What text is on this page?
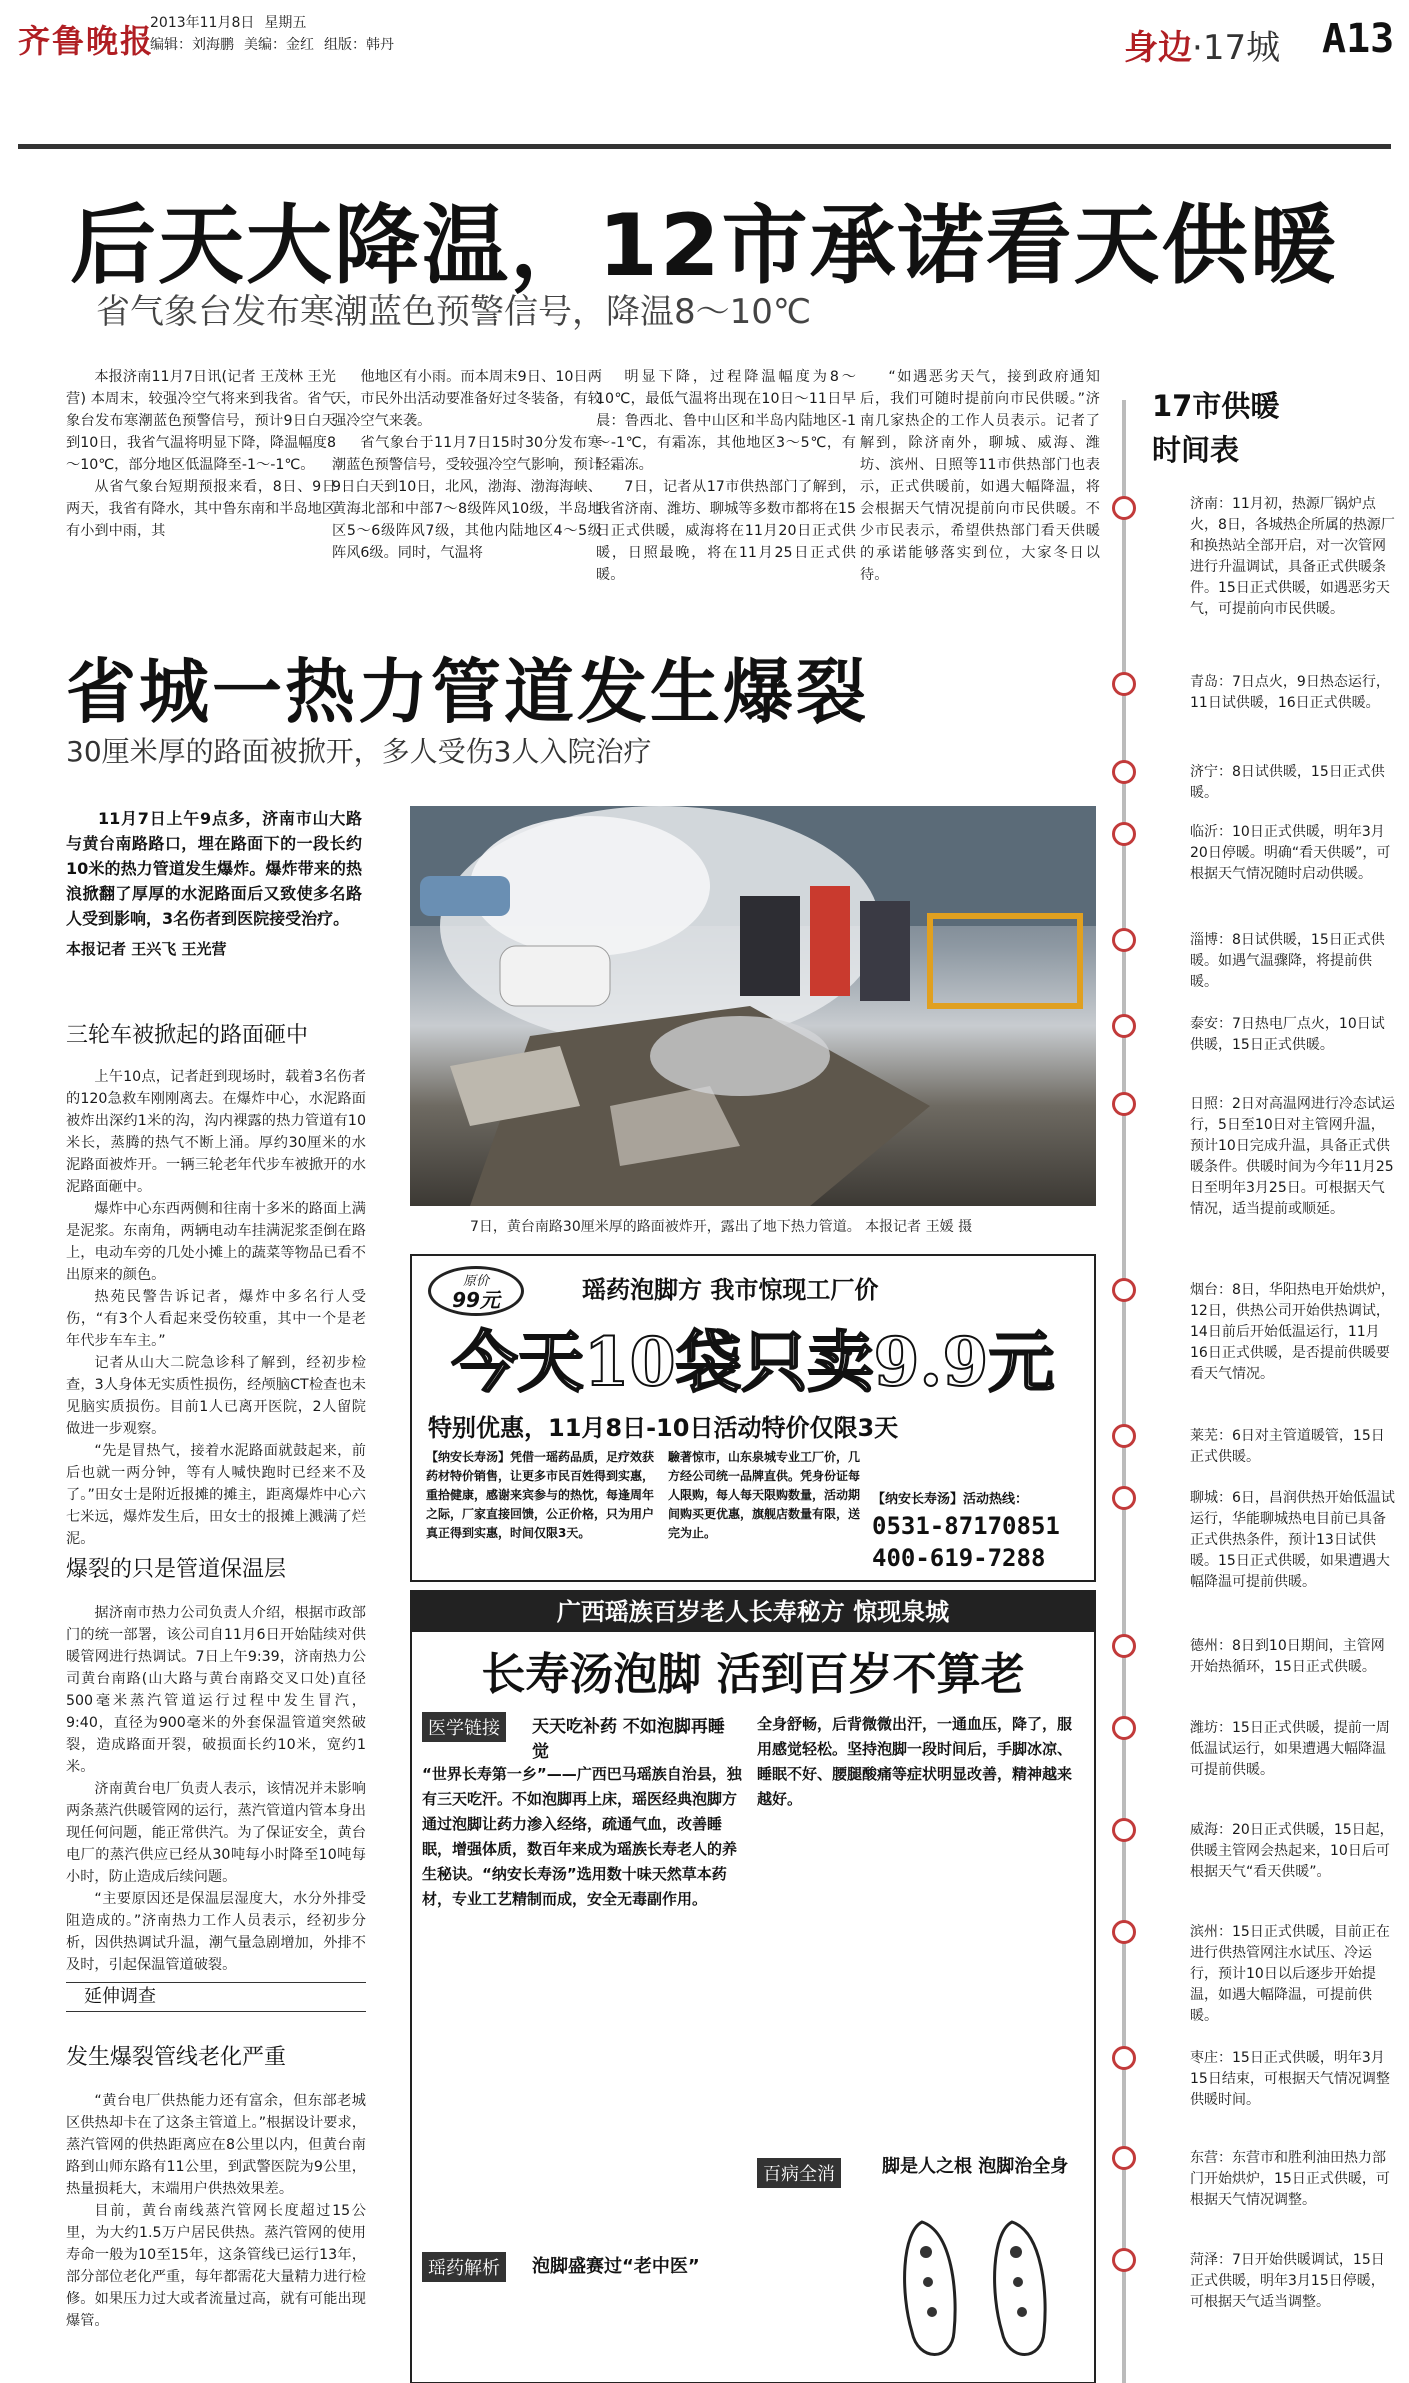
齐鲁晚报
2013年11月8日 星期五
编辑：刘海鹏 美编：金红 组版：韩丹	身边·17城 A13
后天大降温，12市承诺看天供暖
省气象台发布寒潮蓝色预警信号，降温8～10℃

本报济南11月7日讯(记者 王茂林 王光营) 本周末，较强冷空气将来到我省。省气象台发布寒潮蓝色预警信号，预计9日白天到10日，我省气温将明显下降，降温幅度8～10℃，部分地区低温降至-1～-1℃。

从省气象台短期预报来看，8日、9日两天，我省有降水，其中鲁东南和半岛地区有小到中雨，其

他地区有小雨。而本周末9日、10日两天，市民外出活动要准备好过冬装备，有较强冷空气来袭。

省气象台于11月7日15时30分发布寒潮蓝色预警信号，受较强冷空气影响，预计9日白天到10日，北风，渤海、渤海海峡、黄海北部和中部7～8级阵风10级，半岛地区5～6级阵风7级，其他内陆地区4～5级阵风6级。同时，气温将

明显下降，过程降温幅度为8～10℃，最低气温将出现在10日～11日早晨：鲁西北、鲁中山区和半岛内陆地区-1～-1℃，有霜冻，其他地区3～5℃，有轻霜冻。

7日，记者从17市供热部门了解到，我省济南、潍坊、聊城等多数市都将在15日正式供暖，威海将在11月20日正式供暖，日照最晚，将在11月25日正式供暖。

“如遇恶劣天气，接到政府通知后，我们可随时提前向市民供暖。”济南几家热企的工作人员表示。记者了解到，除济南外，聊城、威海、潍坊、滨州、日照等11市供热部门也表示，正式供暖前，如遇大幅降温，将会根据天气情况提前向市民供暖。不少市民表示，希望供热部门看天供暖的承诺能够落实到位，大家冬日以待。

省城一热力管道发生爆裂
30厘米厚的路面被掀开，多人受伤3人入院治疗

11月7日上午9点多，济南市山大路与黄台南路路口，埋在路面下的一段长约10米的热力管道发生爆炸。爆炸带来的热浪掀翻了厚厚的水泥路面后又致使多名路人受到影响，3名伤者到医院接受治疗。

本报记者 王兴飞 王光营
三轮车被掀起的路面砸中

上午10点，记者赶到现场时，载着3名伤者的120急救车刚刚离去。在爆炸中心，水泥路面被炸出深约1米的沟，沟内裸露的热力管道有10米长，蒸腾的热气不断上涌。厚约30厘米的水泥路面被炸开。一辆三轮老年代步车被掀开的水泥路面砸中。

爆炸中心东西两侧和往南十多米的路面上满是泥浆。东南角，两辆电动车挂满泥浆歪倒在路上，电动车旁的几处小摊上的蔬菜等物品已看不出原来的颜色。

热苑民警告诉记者，爆炸中多名行人受伤，“有3个人看起来受伤较重，其中一个是老年代步车车主。”

记者从山大二院急诊科了解到，经初步检查，3人身体无实质性损伤，经颅脑CT检查也未见脑实质损伤。目前1人已离开医院，2人留院做进一步观察。

“先是冒热气，接着水泥路面就鼓起来，前后也就一两分钟，等有人喊快跑时已经来不及了。”田女士是附近报摊的摊主，距离爆炸中心六七米远，爆炸发生后，田女士的报摊上溅满了烂泥。

爆裂的只是管道保温层

据济南市热力公司负责人介绍，根据市政部门的统一部署，该公司自11月6日开始陆续对供暖管网进行热调试。7日上午9:39，济南热力公司黄台南路(山大路与黄台南路交叉口处)直径500毫米蒸汽管道运行过程中发生冒汽，9:40，直径为900毫米的外套保温管道突然破裂，造成路面开裂，破损面长约10米，宽约1米。

济南黄台电厂负责人表示，该情况并未影响两条蒸汽供暖管网的运行，蒸汽管道内管本身出现任何问题，能正常供汽。为了保证安全，黄台电厂的蒸汽供应已经从30吨每小时降至10吨每小时，防止造成后续问题。

“主要原因还是保温层湿度大，水分外排受阻造成的。”济南热力工作人员表示，经初步分析，因供热调试升温，潮气量急剧增加，外排不及时，引起保温管道破裂。

延伸调查
发生爆裂管线老化严重

“黄台电厂供热能力还有富余，但东部老城区供热却卡在了这条主管道上。”根据设计要求，蒸汽管网的供热距离应在8公里以内，但黄台南路到山师东路有11公里，到武警医院为9公里，热量损耗大，末端用户供热效果差。

目前，黄台南线蒸汽管网长度超过15公里，为大约1.5万户居民供热。蒸汽管网的使用寿命一般为10至15年，这条管线已运行13年，部分部位老化严重，每年都需花大量精力进行检修。如果压力过大或者流量过高，就有可能出现爆管。

7日，黄台南路30厘米厚的路面被炸开，露出了地下热力管道。 本报记者 王媛 摄
原价
99元	瑶药泡脚方 我市惊现工厂价
今天10袋只卖9.9元
特别优惠，11月8日-10日活动特价仅限3天
【纳安长寿汤】凭借一瑶药品质，足疗效获药材特价销售，让更多市民百姓得到实惠，重拾健康，感谢来宾参与的热忱，每逢周年之际，厂家直接回馈，公正价格，只为用户真正得到实惠，时间仅限3天。
驗著惊市，山东泉城专业工厂价，几方经公司统一品牌直供。凭身份证每人限购，每人每天限购数量，活动期间购买更优惠，旗舰店数量有限，送完为止。
【纳安长寿汤】活动热线：
0531-87170851
400-619-7288
广西瑶族百岁老人长寿秘方 惊现泉城
长寿汤泡脚 活到百岁不算老
医学链接	天天吃补药 不如泡脚再睡觉
“世界长寿第一乡”——广西巴马瑶族自治县，独有三天吃汗。不如泡脚再上床，瑶医经典泡脚方通过泡脚让药力渗入经络，疏通气血，改善睡眠，增强体质，数百年来成为瑶族长寿老人的养生秘诀。“纳安长寿汤”选用数十味天然草本药材，专业工艺精制而成，安全无毒副作用。
瑶药解析	泡脚盛赛过“老中医”
全身舒畅，后背微微出汗，一通血压，降了，服用感觉轻松。坚持泡脚一段时间后，手脚冰凉、睡眠不好、腰腿酸痛等症状明显改善，精神越来越好。
百病全消	脚是人之根 泡脚治全身
17市供暖
时间表
济南：11月初，热源厂锅炉点火，8日，各城热企所属的热源厂和换热站全部开启，对一次管网进行升温调试，具备正式供暖条件。15日正式供暖，如遇恶劣天气，可提前向市民供暖。
青岛：7日点火，9日热态运行，11日试供暖，16日正式供暖。
济宁：8日试供暖，15日正式供暖。
临沂：10日正式供暖，明年3月20日停暖。明确“看天供暖”，可根据天气情况随时启动供暖。
淄博：8日试供暖，15日正式供暖。如遇气温骤降，将提前供暖。
泰安：7日热电厂点火，10日试供暖，15日正式供暖。
日照：2日对高温网进行冷态试运行，5日至10日对主管网升温，预计10日完成升温，具备正式供暖条件。供暖时间为今年11月25日至明年3月25日。可根据天气情况，适当提前或顺延。
烟台：8日，华阳热电开始烘炉，12日，供热公司开始供热调试，14日前后开始低温运行，11月16日正式供暖，是否提前供暖要看天气情况。
莱芜：6日对主管道暖管，15日正式供暖。
聊城：6日，昌润供热开始低温试运行，华能聊城热电目前已具备正式供热条件，预计13日试供暖。15日正式供暖，如果遭遇大幅降温可提前供暖。
德州：8日到10日期间，主管网开始热循环，15日正式供暖。
潍坊：15日正式供暖，提前一周低温试运行，如果遭遇大幅降温可提前供暖。
威海：20日正式供暖，15日起，供暖主管网会热起来，10日后可根据天气“看天供暖”。
滨州：15日正式供暖，目前正在进行供热管网注水试压、冷运行，预计10日以后逐步开始提温，如遇大幅降温，可提前供暖。
枣庄：15日正式供暖，明年3月15日结束，可根据天气情况调整供暖时间。
东营：东营市和胜利油田热力部门开始烘炉，15日正式供暖，可根据天气情况调整。
菏泽：7日开始供暖调试，15日正式供暖，明年3月15日停暖，可根据天气适当调整。
